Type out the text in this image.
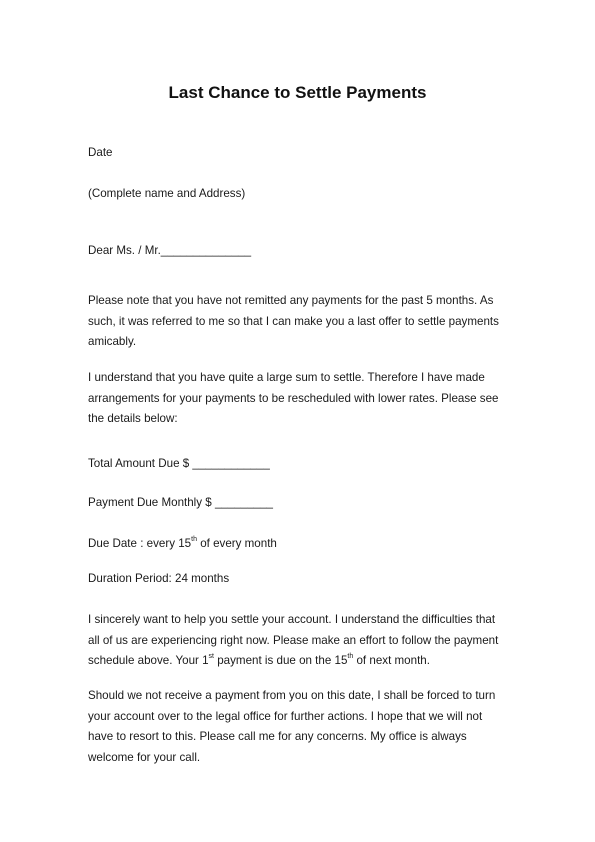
Last Chance to Settle Payments
Date
(Complete name and Address)
Dear Ms. / Mr.______________
Please note that you have not remitted any payments for the past 5 months. As
such, it was referred to me so that I can make you a last offer to settle payments
amicably.
I understand that you have quite a large sum to settle. Therefore I have made
arrangements for your payments to be rescheduled with lower rates. Please see
the details below:
Total Amount Due $ ____________
Payment Due Monthly $ _________
Due Date : every 15th of every month
Duration Period: 24 months
I sincerely want to help you settle your account. I understand the difficulties that
all of us are experiencing right now. Please make an effort to follow the payment
schedule above. Your 1st payment is due on the 15th of next month.
Should we not receive a payment from you on this date, I shall be forced to turn
your account over to the legal office for further actions. I hope that we will not
have to resort to this. Please call me for any concerns. My office is always
welcome for your call.
